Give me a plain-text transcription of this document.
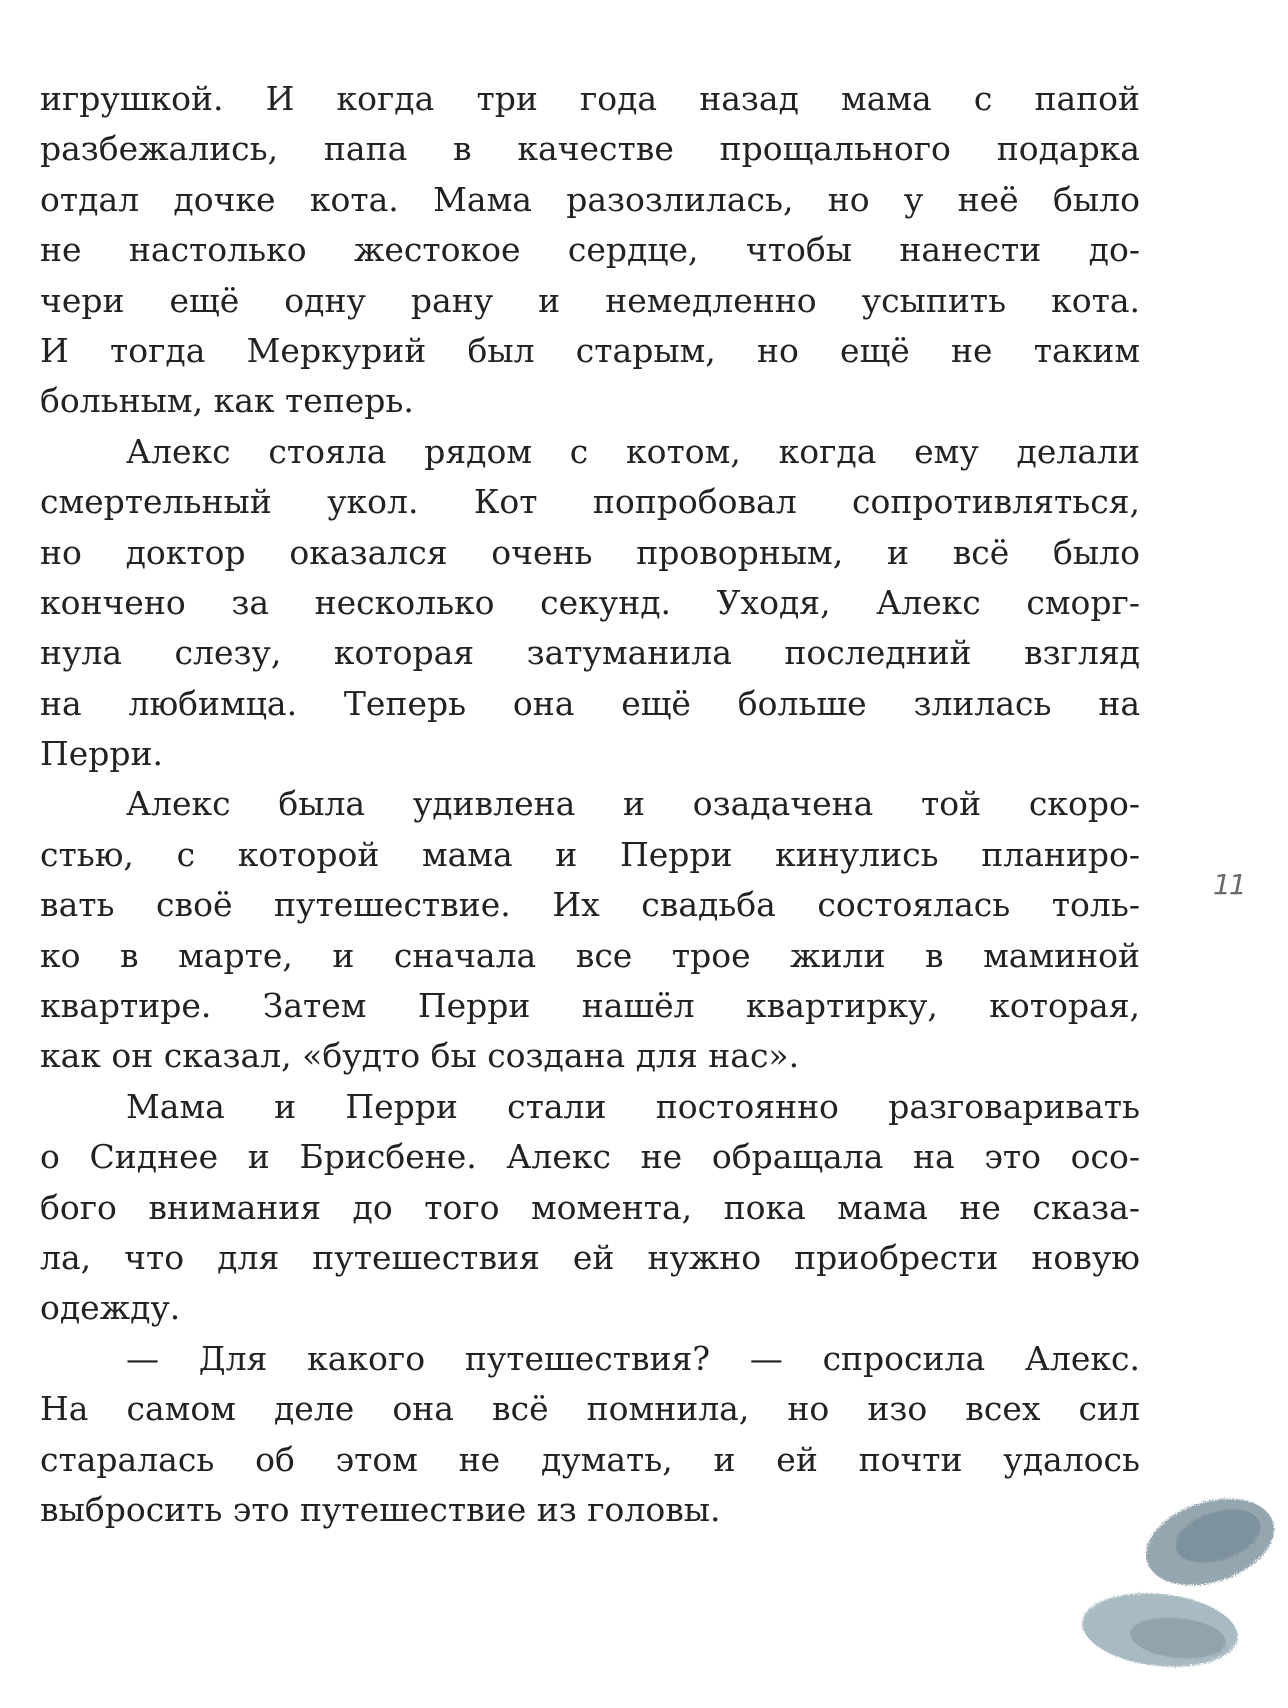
игрушкой. И когда три года назад мама с папой
разбежались, папа в качестве прощального подарка
отдал дочке кота. Мама разозлилась, но у неё было
не настолько жестокое сердце, чтобы нанести до-
чери ещё одну рану и немедленно усыпить кота.
И тогда Меркурий был старым, но ещё не таким
больным, как теперь.
Алекс стояла рядом с котом, когда ему делали
смертельный укол. Кот попробовал сопротивляться,
но доктор оказался очень проворным, и всё было
кончено за несколько секунд. Уходя, Алекс сморг-
нула слезу, которая затуманила последний взгляд
на любимца. Теперь она ещё больше злилась на
Перри.
Алекс была удивлена и озадачена той скоро-
стью, с которой мама и Перри кинулись планиро-
вать своё путешествие. Их свадьба состоялась толь-
ко в марте, и сначала все трое жили в маминой
квартире. Затем Перри нашёл квартирку, которая,
как он сказал, «будто бы создана для нас».
Мама и Перри стали постоянно разговаривать
о Сиднее и Брисбене. Алекс не обращала на это осо-
бого внимания до того момента, пока мама не сказа-
ла, что для путешествия ей нужно приобрести новую
одежду.
— Для какого путешествия? — спросила Алекс.
На самом деле она всё помнила, но изо всех сил
старалась об этом не думать, и ей почти удалось
выбросить это путешествие из головы.
11
